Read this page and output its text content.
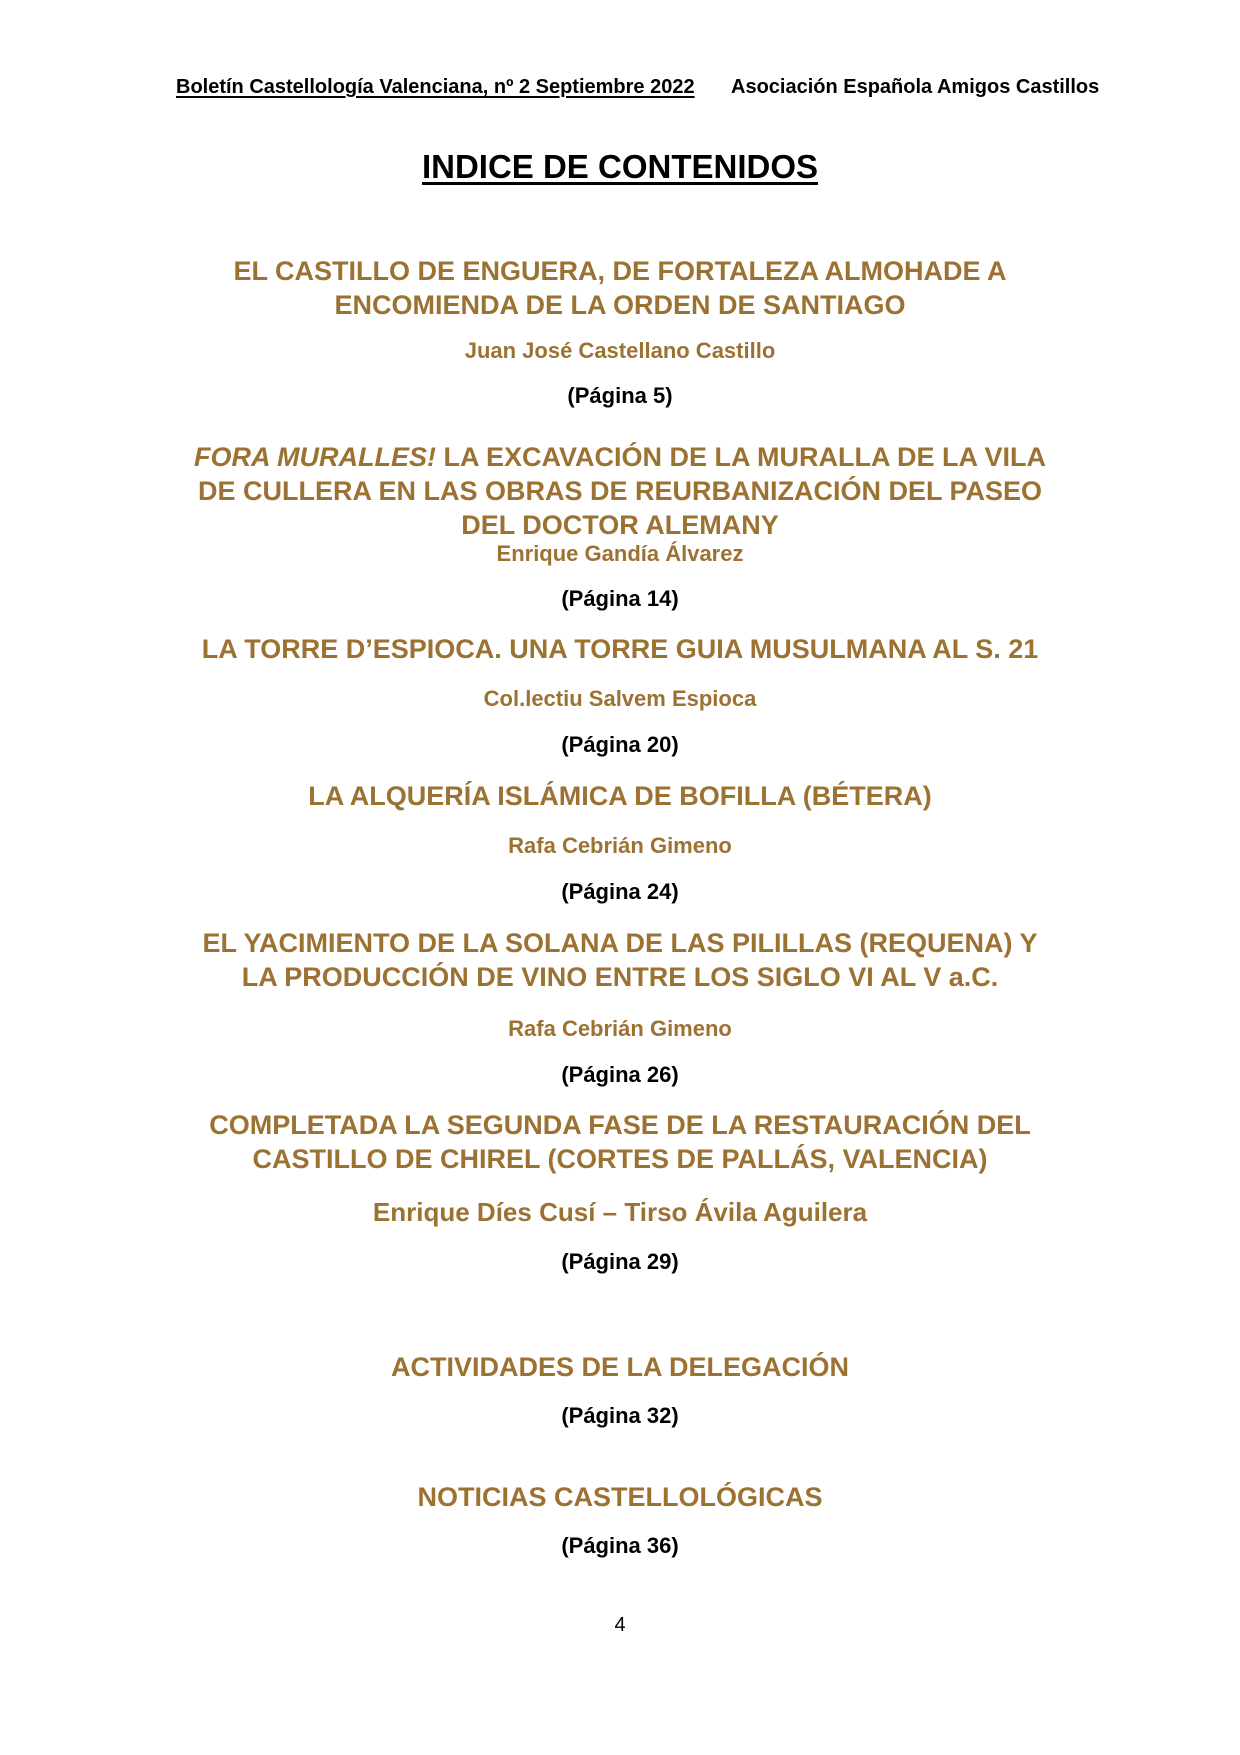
Boletín Castellología Valenciana, nº 2 Septiembre 2022 Asociación Española Amigos Castillos
INDICE DE CONTENIDOS
EL CASTILLO DE ENGUERA, DE FORTALEZA ALMOHADE A
ENCOMIENDA DE LA ORDEN DE SANTIAGO
Juan José Castellano Castillo
(Página 5)
FORA MURALLES! LA EXCAVACIÓN DE LA MURALLA DE LA VILA
DE CULLERA EN LAS OBRAS DE REURBANIZACIÓN DEL PASEO
DEL DOCTOR ALEMANY
Enrique Gandía Álvarez
(Página 14)
LA TORRE D’ESPIOCA. UNA TORRE GUIA MUSULMANA AL S. 21
Col.lectiu Salvem Espioca
(Página 20)
LA ALQUERÍA ISLÁMICA DE BOFILLA (BÉTERA)
Rafa Cebrián Gimeno
(Página 24)
EL YACIMIENTO DE LA SOLANA DE LAS PILILLAS (REQUENA) Y
LA PRODUCCIÓN DE VINO ENTRE LOS SIGLO VI AL V a.C.
Rafa Cebrián Gimeno
(Página 26)
COMPLETADA LA SEGUNDA FASE DE LA RESTAURACIÓN DEL
CASTILLO DE CHIREL (CORTES DE PALLÁS, VALENCIA)
Enrique Díes Cusí – Tirso Ávila Aguilera
(Página 29)
ACTIVIDADES DE LA DELEGACIÓN
(Página 32)
NOTICIAS CASTELLOLÓGICAS
(Página 36)
4
